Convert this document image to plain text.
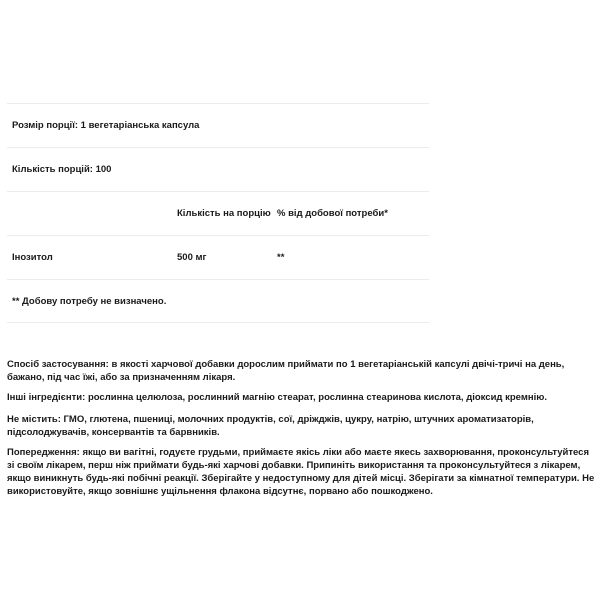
Розмір порції: 1 вегетаріанська капсула
Кількість порцій: 100
Кількість на порцію % від добової потреби*
Інозитол	500 мг	**
** Добову потребу не визначено.

Спосіб застосування: в якості харчової добавки дорослим приймати по 1 вегетаріанській капсулі двічі-тричі на день, бажано, під час їжі, або за призначенням лікаря.

Інші інгредієнти: рослинна целюлоза, рослинний магнію стеарат, рослинна стеаринова кислота, діоксид кремнію.

Не містить: ГМО, глютена, пшениці, молочних продуктів, сої, дріжджів, цукру, натрію, штучних ароматизаторів, підсолоджувачів, консервантів та барвників.

Попередження: якщо ви вагітні, годуєте грудьми, приймаєте якісь ліки або маєте якесь захворювання, проконсультуйтеся зі своїм лікарем, перш ніж приймати будь-які харчові добавки. Припиніть використання та проконсультуйтеся з лікарем, якщо виникнуть будь-які побічні реакції. Зберігайте у недоступному для дітей місці. Зберігати за кімнатної температури. Не використовуйте, якщо зовнішнє ущільнення флакона відсутнє, порвано або пошкоджено.
